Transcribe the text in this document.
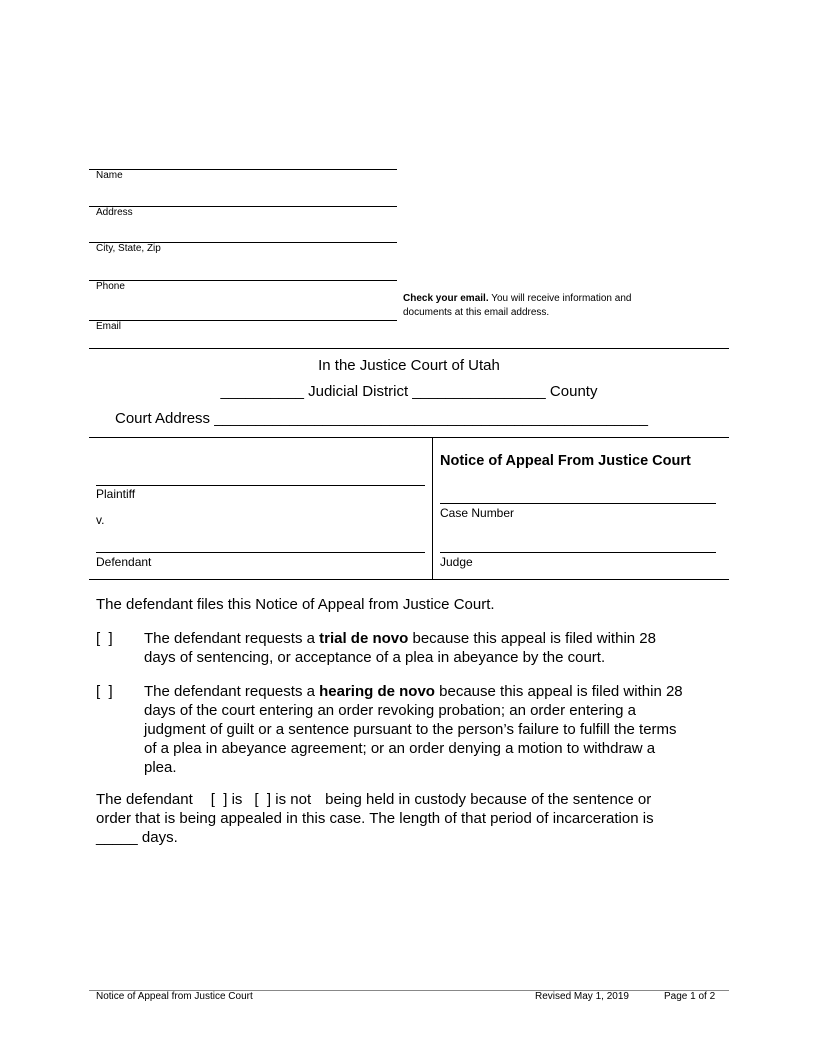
Name
Address
City, State, Zip
Phone
Check your email. You will receive information and
documents at this email address.
Email
In the Justice Court of Utah
__________ Judicial District ________________ County
Court Address ____________________________________________________
Plaintiff
v.
Defendant
Notice of Appeal From Justice Court
Case Number
Judge
The defendant files this Notice of Appeal from Justice Court.
[  ] The defendant requests a trial de novo because this appeal is filed within 28
days of sentencing, or acceptance of a plea in abeyance by the court.
[  ] The defendant requests a hearing de novo because this appeal is filed within 28
days of the court entering an order revoking probation; an order entering a
judgment of guilt or a sentence pursuant to the person’s failure to fulfill the terms
of a plea in abeyance agreement; or an order denying a motion to withdraw a
plea.
The defendant [  ] is [  ] is not being held in custody because of the sentence or
order that is being appealed in this case. The length of that period of incarceration is
_____ days.
Notice of Appeal from Justice Court	Revised May 1, 2019	Page 1 of 2
